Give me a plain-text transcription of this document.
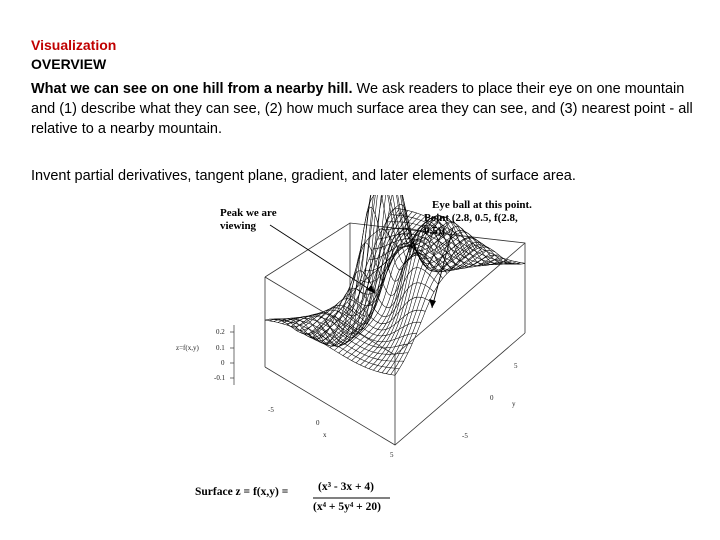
Visualization
OVERVIEW
What we can see on one hill from a nearby hill. We ask readers to place their eye on one mountain and (1) describe what they can see, (2) how much surface area they can see, and (3) nearest point - all relative to a nearby mountain.
Invent partial derivatives, tangent plane, gradient, and later elements of surface area.
Peak we are
viewing
Eye ball at this point.
Point (2.8, 0.5, f(2.8, 0.5))
z=f(x,y)
0.2
0.1
0
-0.1
5
0
-5
y
-5
0
5
x
Surface z = f(x,y) =	(x³ - 3x + 4)
(x⁴ + 5y⁴ + 20)
